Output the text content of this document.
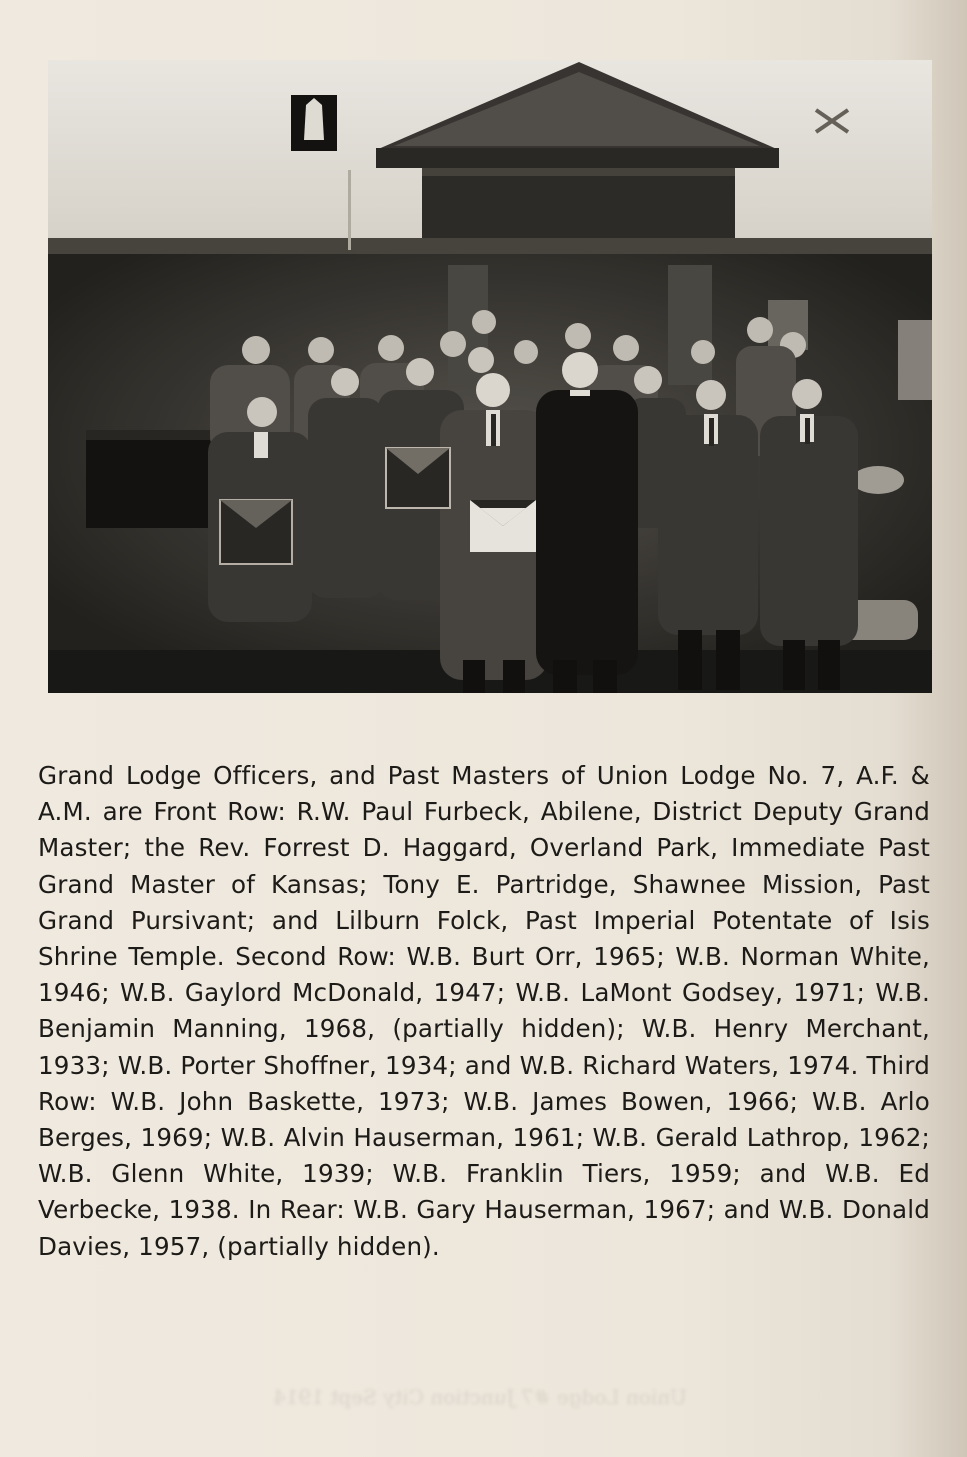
Grand Lodge Officers, and Past Masters of Union Lodge No. 7, A.F. & A.M. are Front Row: R.W. Paul Furbeck, Abilene, District Deputy Grand Master; the Rev. Forrest D. Haggard, Overland Park, Immediate Past Grand Master of Kansas; Tony E. Partridge, Shawnee Mission, Past Grand Pursivant; and Lilburn Folck, Past Imperial Potentate of Isis Shrine Temple. Second Row: W.B. Burt Orr, 1965; W.B. Norman White, 1946; W.B. Gaylord McDonald, 1947; W.B. LaMont Godsey, 1971; W.B. Benjamin Manning, 1968, (partially hidden); W.B. Henry Merchant, 1933; W.B. Porter Shoffner, 1934; and W.B. Richard Waters, 1974. Third Row: W.B. John Baskette, 1973; W.B. James Bowen, 1966; W.B. Arlo Berges, 1969; W.B. Alvin Hauserman, 1961; W.B. Gerald Lathrop, 1962; W.B. Glenn White, 1939; W.B. Franklin Tiers, 1959; and W.B. Ed Verbecke, 1938. In Rear: W.B. Gary Hauserman, 1967; and W.B. Donald Davies, 1957, (partially hidden).

Union Lodge #7 Junction City Sept 1914
